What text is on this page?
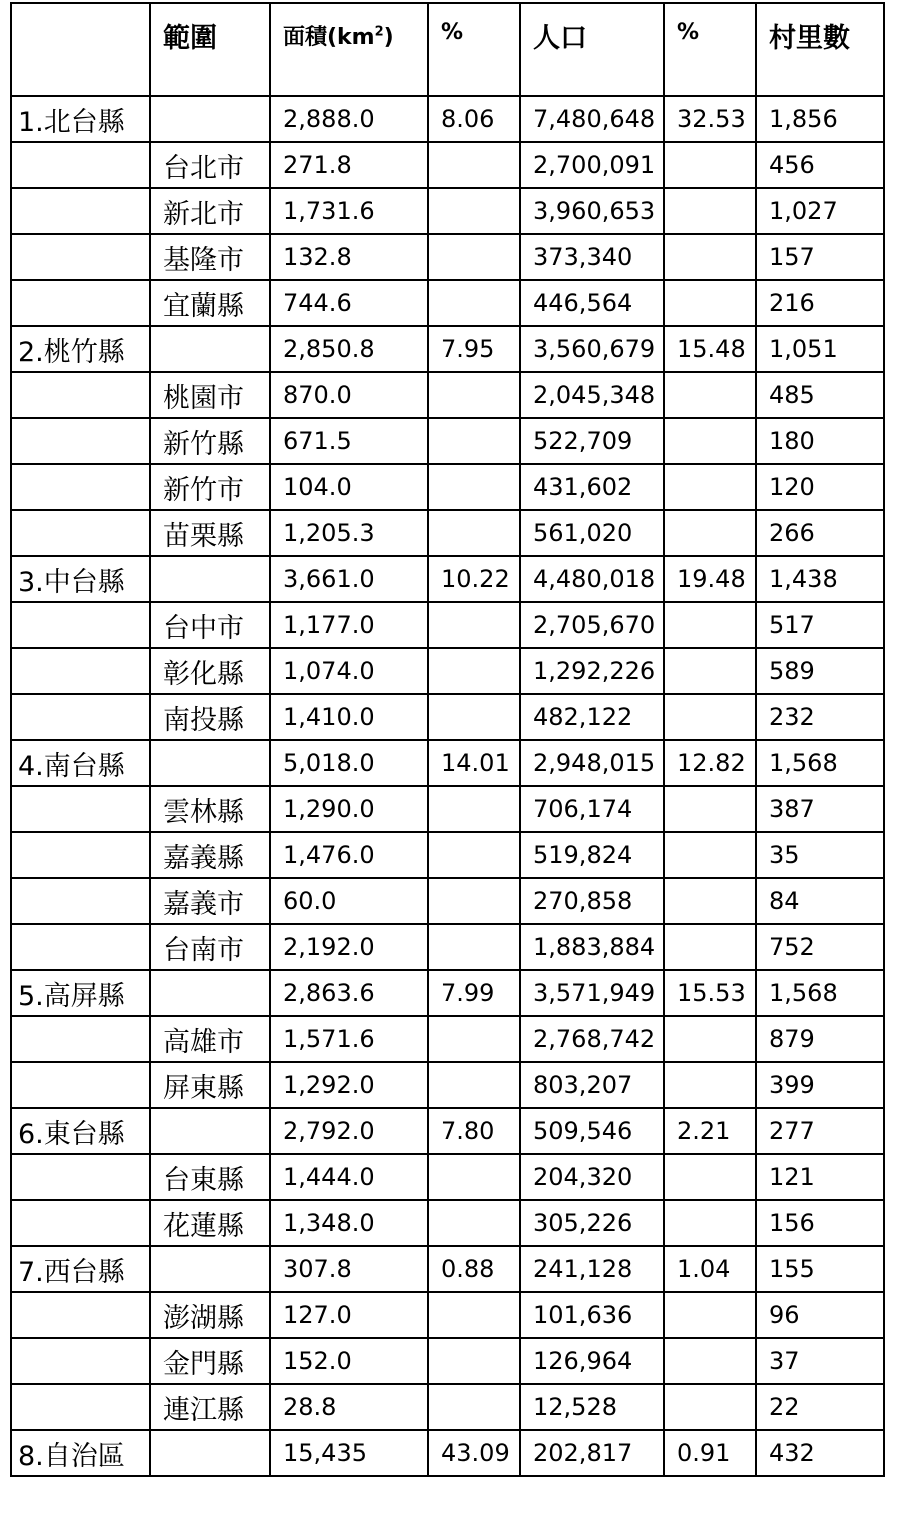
	範圍	面積$(km^2)$	%	人口	%	村里數
1.北台縣		2,888.0	8.06	7,480,648	32.53	1,856
	台北市	271.8		2,700,091		456
	新北市	1,731.6		3,960,653		1,027
	基隆市	132.8		373,340		157
	宜蘭縣	744.6		446,564		216
2.桃竹縣		2,850.8	7.95	3,560,679	15.48	1,051
	桃園市	870.0		2,045,348		485
	新竹縣	671.5		522,709		180
	新竹市	104.0		431,602		120
	苗栗縣	1,205.3		561,020		266
3.中台縣		3,661.0	10.22	4,480,018	19.48	1,438
	台中市	1,177.0		2,705,670		517
	彰化縣	1,074.0		1,292,226		589
	南投縣	1,410.0		482,122		232
4.南台縣		5,018.0	14.01	2,948,015	12.82	1,568
	雲林縣	1,290.0		706,174		387
	嘉義縣	1,476.0		519,824		35
	嘉義市	60.0		270,858		84
	台南市	2,192.0		1,883,884		752
5.高屏縣		2,863.6	7.99	3,571,949	15.53	1,568
	高雄市	1,571.6		2,768,742		879
	屏東縣	1,292.0		803,207		399
6.東台縣		2,792.0	7.80	509,546	2.21	277
	台東縣	1,444.0		204,320		121
	花蓮縣	1,348.0		305,226		156
7.西台縣		307.8	0.88	241,128	1.04	155
	澎湖縣	127.0		101,636		96
	金門縣	152.0		126,964		37
	連江縣	28.8		12,528		22
8.自治區		15,435	43.09	202,817	0.91	432
